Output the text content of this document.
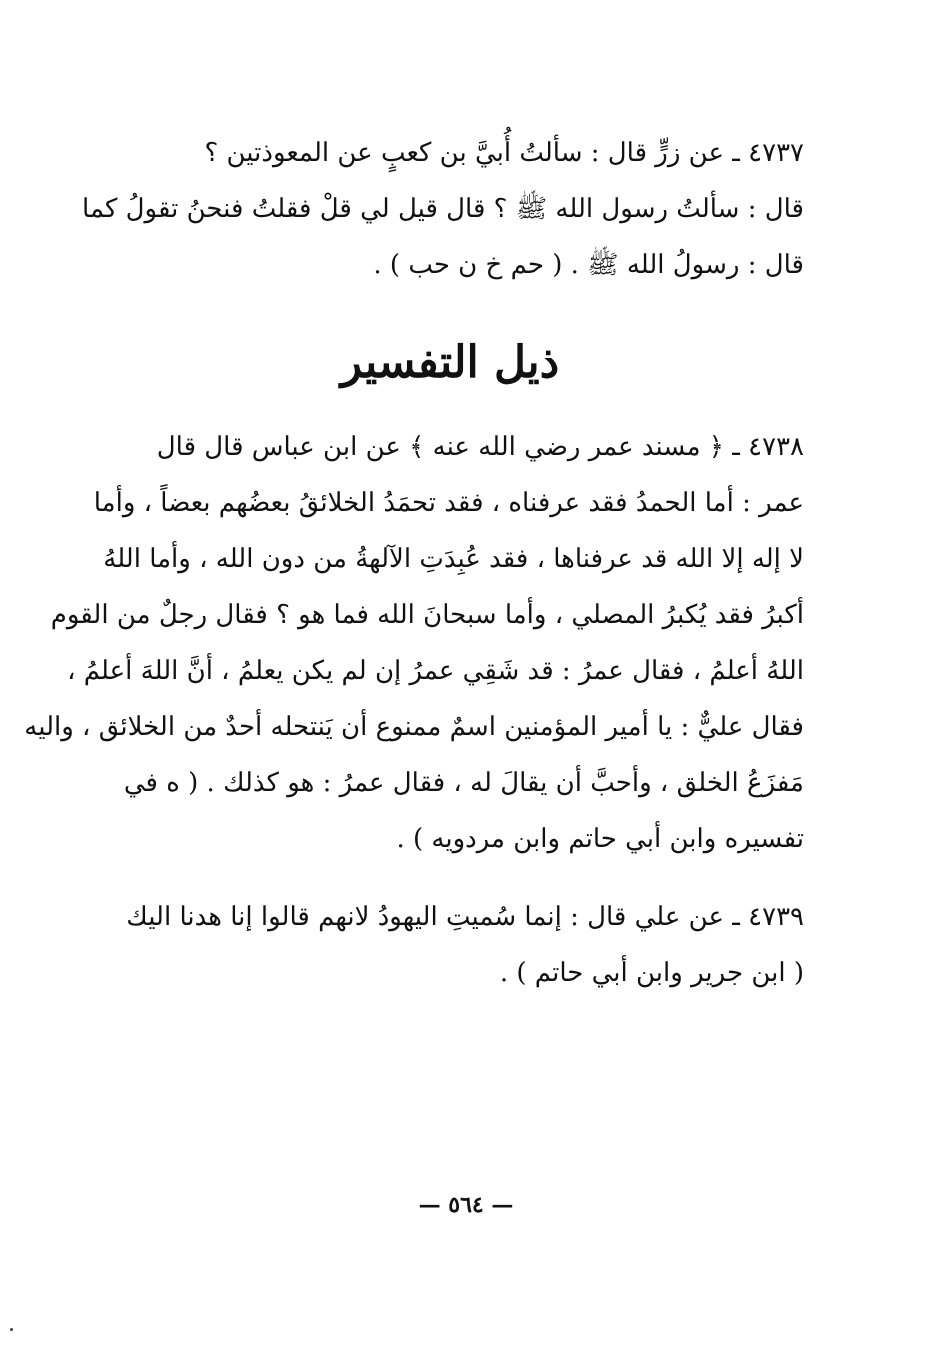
٤٧٣٧ ـ عن زرٍّ قال : سألتُ أُبيَّ بن كعبٍ عن المعوذتين ؟
قال : سألتُ رسول الله ﷺ ؟ قال قيل لي قلْ فقلتُ فنحنُ تقولُ كما
قال : رسولُ الله ﷺ . ( حم خ ن حب ) .
ذيل التفسير
٤٧٣٨ ـ ﴿ مسند عمر رضي الله عنه ﴾ عن ابن عباس قال قال
عمر : أما الحمدُ فقد عرفناه ، فقد تحمَدُ الخلائقُ بعضُهم بعضاً ، وأما
لا إله إلا الله قد عرفناها ، فقد عُبِدَتِ الآلهةُ من دون الله ، وأما اللهُ
أكبرُ فقد يُكبرُ المصلي ، وأما سبحانَ الله فما هو ؟ فقال رجلٌ من القوم
اللهُ أعلمُ ، فقال عمرُ : قد شَقِي عمرُ إن لم يكن يعلمُ ، أنَّ اللهَ أعلمُ ،
فقال عليٌّ : يا أمير المؤمنين اسمٌ ممنوع أن يَنتحله أحدٌ من الخلائق ، واليه
مَفزَعُ الخلق ، وأحبَّ أن يقالَ له ، فقال عمرُ : هو كذلك . ( ه في
تفسيره وابن أبي حاتم وابن مردويه ) .
٤٧٣٩ ـ عن علي قال : إنما سُميتِ اليهودُ لانهم قالوا إنا هدنا اليك
( ابن جرير وابن أبي حاتم ) .
— ٥٦٤ —
